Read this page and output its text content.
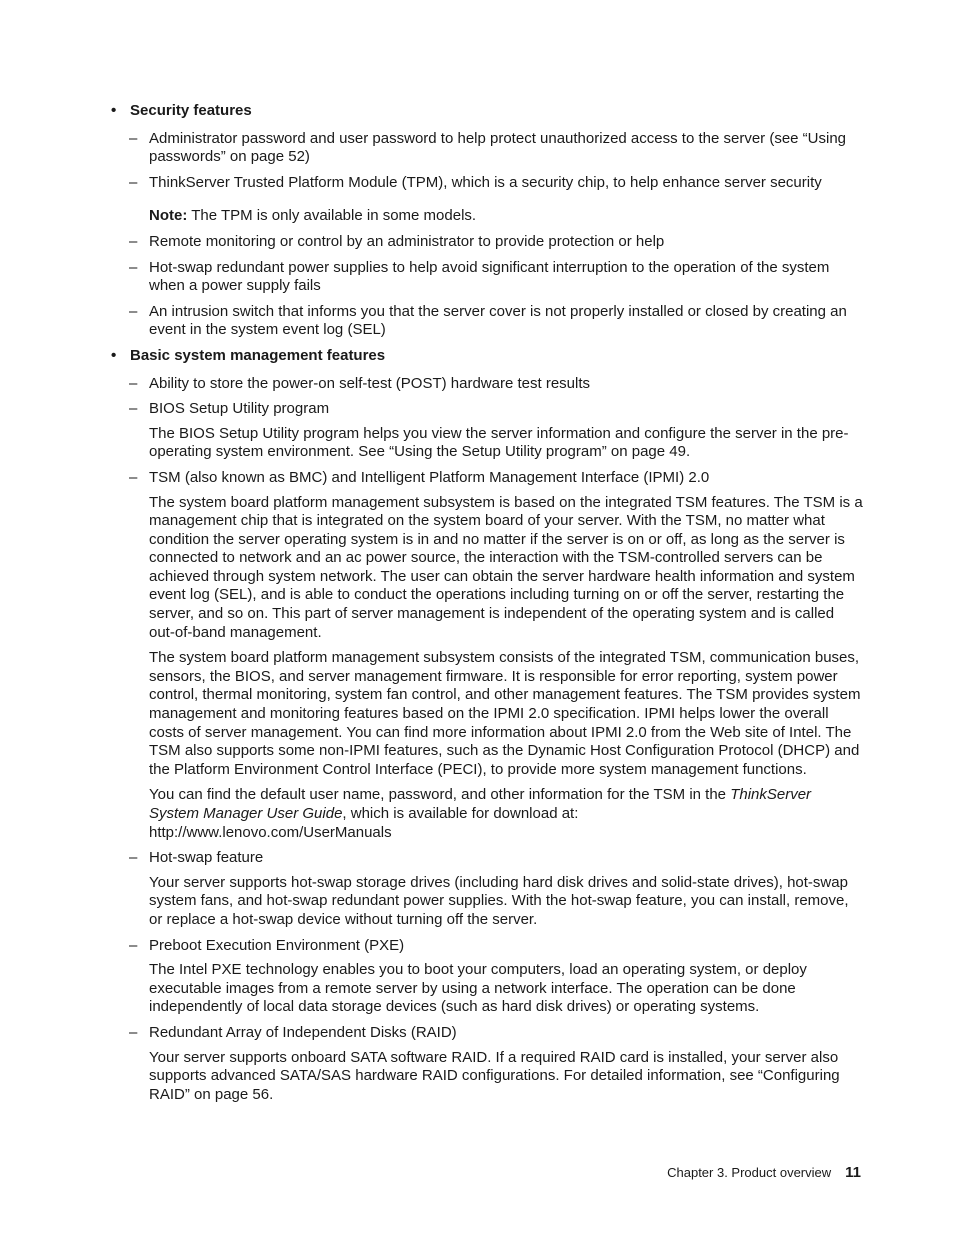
• Security features
– Administrator password and user password to help protect unauthorized access to the server (see “Using passwords” on page 52)
– ThinkServer Trusted Platform Module (TPM), which is a security chip, to help enhance server security
Note: The TPM is only available in some models.
– Remote monitoring or control by an administrator to provide protection or help
– Hot-swap redundant power supplies to help avoid significant interruption to the operation of the system when a power supply fails
– An intrusion switch that informs you that the server cover is not properly installed or closed by creating an event in the system event log (SEL)
• Basic system management features
– Ability to store the power-on self-test (POST) hardware test results
– BIOS Setup Utility program
The BIOS Setup Utility program helps you view the server information and configure the server in the pre-operating system environment. See “Using the Setup Utility program” on page 49.
– TSM (also known as BMC) and Intelligent Platform Management Interface (IPMI) 2.0
The system board platform management subsystem is based on the integrated TSM features. The TSM is a management chip that is integrated on the system board of your server. With the TSM, no matter what condition the server operating system is in and no matter if the server is on or off, as long as the server is connected to network and an ac power source, the interaction with the TSM-controlled servers can be achieved through system network. The user can obtain the server hardware health information and system event log (SEL), and is able to conduct the operations including turning on or off the server, restarting the server, and so on. This part of server management is independent of the operating system and is called out-of-band management.
The system board platform management subsystem consists of the integrated TSM, communication buses, sensors, the BIOS, and server management firmware. It is responsible for error reporting, system power control, thermal monitoring, system fan control, and other management features. The TSM provides system management and monitoring features based on the IPMI 2.0 specification. IPMI helps lower the overall costs of server management. You can find more information about IPMI 2.0 from the Web site of Intel. The TSM also supports some non-IPMI features, such as the Dynamic Host Configuration Protocol (DHCP) and the Platform Environment Control Interface (PECI), to provide more system management functions.
You can find the default user name, password, and other information for the TSM in the ThinkServer System Manager User Guide, which is available for download at:
http://www.lenovo.com/UserManuals
– Hot-swap feature
Your server supports hot-swap storage drives (including hard disk drives and solid-state drives), hot-swap system fans, and hot-swap redundant power supplies. With the hot-swap feature, you can install, remove, or replace a hot-swap device without turning off the server.
– Preboot Execution Environment (PXE)
The Intel PXE technology enables you to boot your computers, load an operating system, or deploy executable images from a remote server by using a network interface. The operation can be done independently of local data storage devices (such as hard disk drives) or operating systems.
– Redundant Array of Independent Disks (RAID)
Your server supports onboard SATA software RAID. If a required RAID card is installed, your server also supports advanced SATA/SAS hardware RAID configurations. For detailed information, see “Configuring RAID” on page 56.
Chapter 3. Product overview 11
